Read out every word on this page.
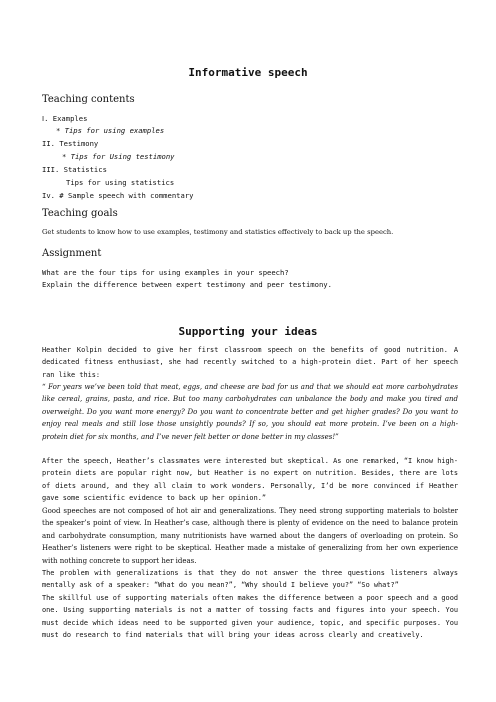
Informative speech
Teaching contents
Ⅰ. Examples
* Tips for using examples
II. Testimony
* Tips for Using testimony
III. Statistics
Tips for using statistics
Iv. # Sample speech with commentary
Teaching goals
Get students to know how to use examples, testimony and statistics effectively to back up the speech.
Assignment
What are the four tips for using examples in your speech?
Explain the difference between expert testimony and peer testimony.
Supporting your ideas
Heather Kolpin decided to give her first classroom speech on the benefits of good nutrition. A dedicated fitness enthusiast, she had recently switched to a high-protein diet. Part of her speech ran like this:
“ For years we’ve been told that meat, eggs, and cheese are bad for us and that we should eat more carbohydrates like cereal, grains, pasta, and rice. But too many carbohydrates can unbalance the body and make you tired and overweight. Do you want more energy? Do you want to concentrate better and get higher grades? Do you want to enjoy real meals and still lose those unsightly pounds? If so, you should eat more protein. I’ve been on a high-protein diet for six months, and I’ve never felt better or done better in my classes!”
After the speech, Heather’s classmates were interested but skeptical. As one remarked, “I know high-protein diets are popular right now, but Heather is no expert on nutrition. Besides, there are lots of diets around, and they all claim to work wonders. Personally, I’d be more convinced if Heather gave some scientific evidence to back up her opinion.”
Good speeches are not composed of hot air and generalizations. They need strong supporting materials to bolster the speaker’s point of view. In Heather’s case, although there is plenty of evidence on the need to balance protein and carbohydrate consumption, many nutritionists have warned about the dangers of overloading on protein. So Heather’s listeners were right to be skeptical. Heather made a mistake of generalizing from her own experience with nothing concrete to support her ideas.
The problem with generalizations is that they do not answer the three questions listeners always mentally ask of a speaker: “What do you mean?”, “Why should I believe you?” “So what?”
The skillful use of supporting materials often makes the difference between a poor speech and a good one. Using supporting materials is not a matter of tossing facts and figures into your speech. You must decide which ideas need to be supported given your audience, topic, and specific purposes. You must do research to find materials that will bring your ideas across clearly and creatively.
